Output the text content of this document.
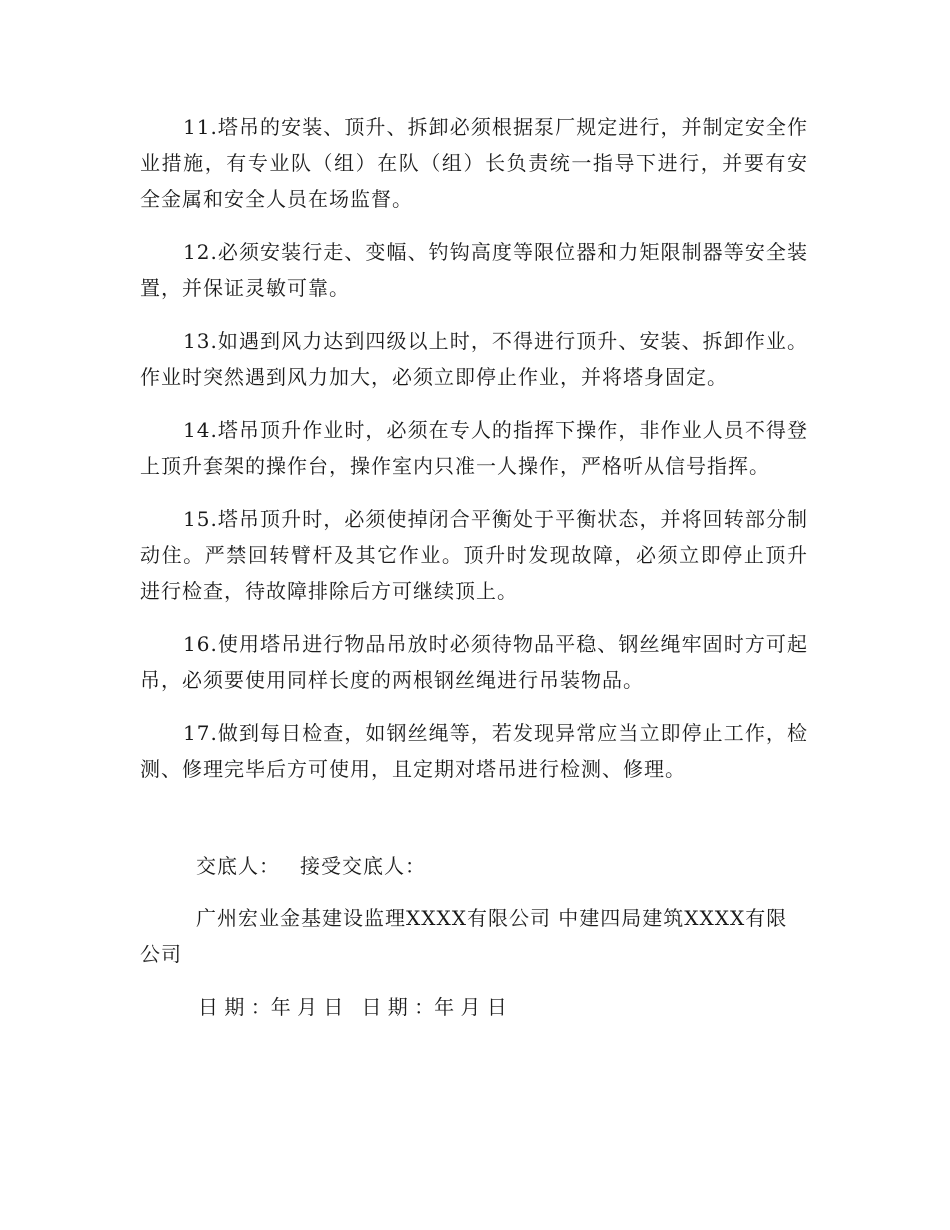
11.塔吊的安装、顶升、拆卸必须根据泵厂规定进行，并制定安全作业措施，有专业队（组）在队（组）长负责统一指导下进行，并要有安全金属和安全人员在场监督。

12.必须安装行走、变幅、钓钩高度等限位器和力矩限制器等安全装置，并保证灵敏可靠。

13.如遇到风力达到四级以上时，不得进行顶升、安装、拆卸作业。作业时突然遇到风力加大，必须立即停止作业，并将塔身固定。

14.塔吊顶升作业时，必须在专人的指挥下操作，非作业人员不得登上顶升套架的操作台，操作室内只准一人操作，严格听从信号指挥。

15.塔吊顶升时，必须使掉闭合平衡处于平衡状态，并将回转部分制动住。严禁回转臂杆及其它作业。顶升时发现故障，必须立即停止顶升进行检查，待故障排除后方可继续顶上。

16.使用塔吊进行物品吊放时必须待物品平稳、钢丝绳牢固时方可起吊，必须要使用同样长度的两根钢丝绳进行吊装物品。

17.做到每日检查，如钢丝绳等，若发现异常应当立即停止工作，检测、修理完毕后方可使用，且定期对塔吊进行检测、修理。

交底人： 接受交底人：

广州宏业金基建设监理XXXX有限公司 中建四局建筑XXXX有限公司

日 期 ：年 月 日 日 期 ：年 月 日
